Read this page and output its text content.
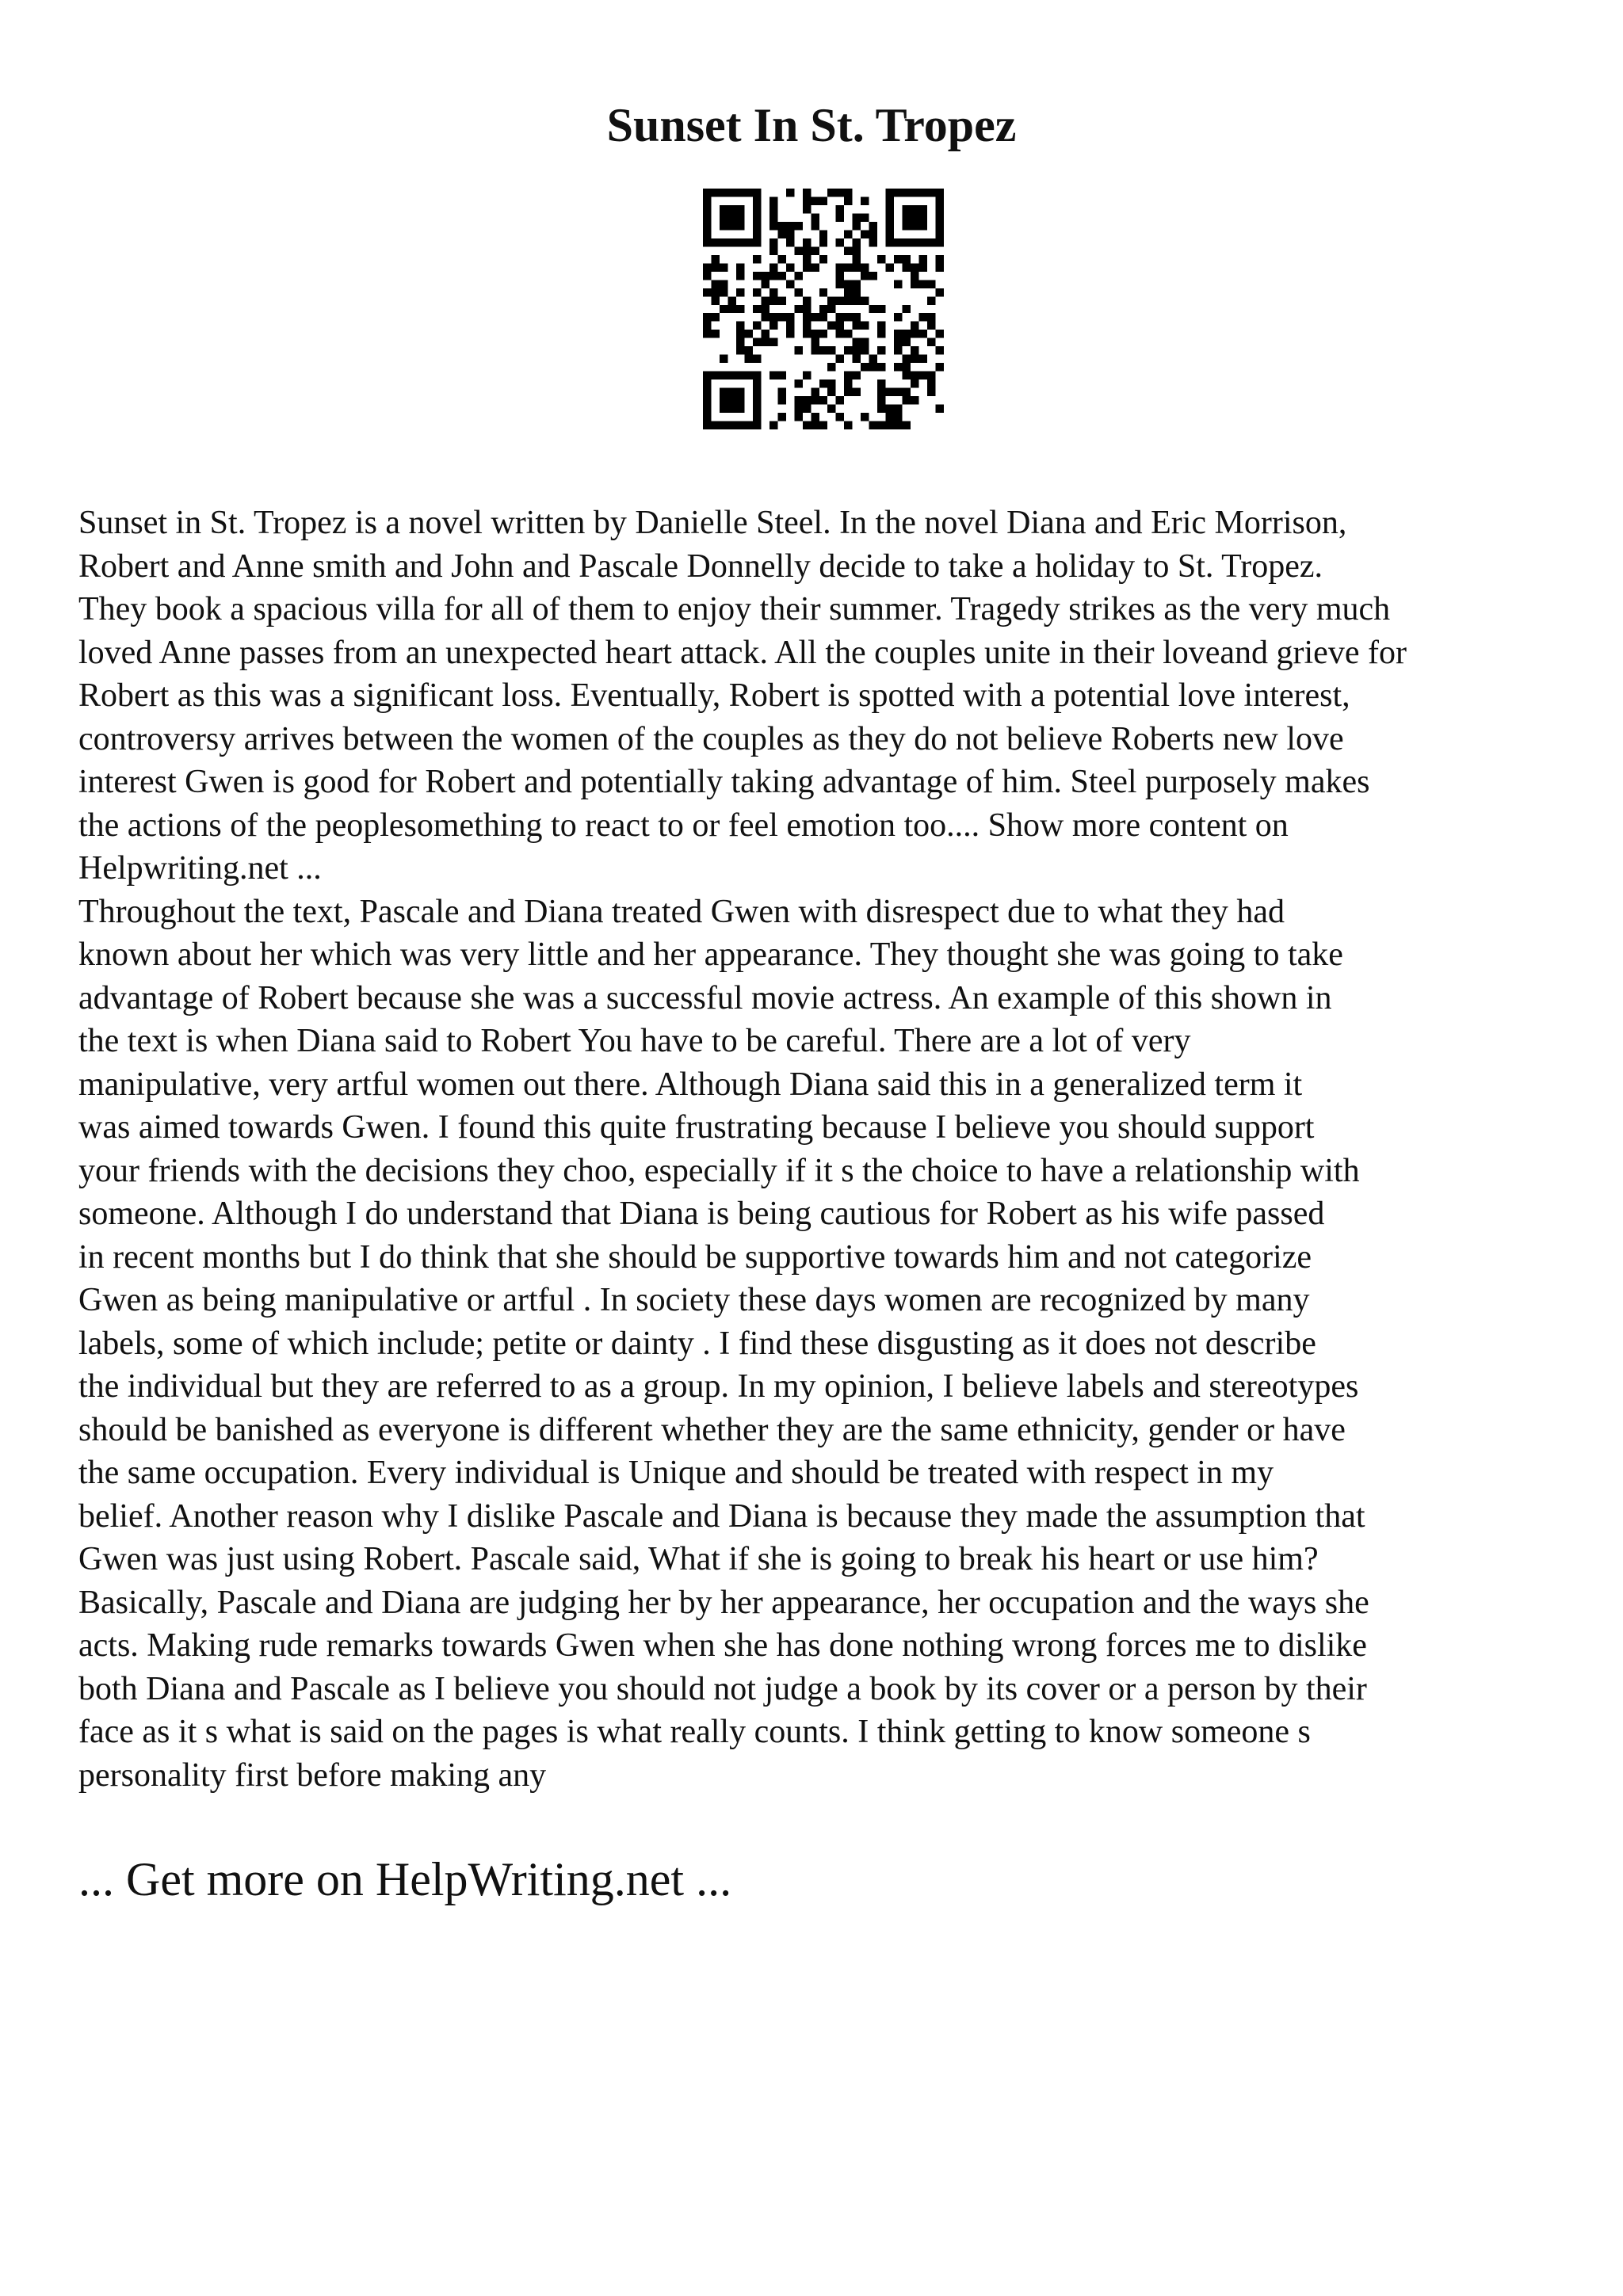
Sunset In St. Tropez

Sunset in St. Tropez is a novel written by Danielle Steel. In the novel Diana and Eric Morrison,
Robert and Anne smith and John and Pascale Donnelly decide to take a holiday to St. Tropez.
They book a spacious villa for all of them to enjoy their summer. Tragedy strikes as the very much
loved Anne passes from an unexpected heart attack. All the couples unite in their loveand grieve for
Robert as this was a significant loss. Eventually, Robert is spotted with a potential love interest,
controversy arrives between the women of the couples as they do not believe Roberts new love
interest Gwen is good for Robert and potentially taking advantage of him. Steel purposely makes
the actions of the peoplesomething to react to or feel emotion too.... Show more content on
Helpwriting.net ...

Throughout the text, Pascale and Diana treated Gwen with disrespect due to what they had
known about her which was very little and her appearance. They thought she was going to take
advantage of Robert because she was a successful movie actress. An example of this shown in
the text is when Diana said to Robert You have to be careful. There are a lot of very
manipulative, very artful women out there. Although Diana said this in a generalized term it
was aimed towards Gwen. I found this quite frustrating because I believe you should support
your friends with the decisions they choo, especially if it s the choice to have a relationship with
someone. Although I do understand that Diana is being cautious for Robert as his wife passed
in recent months but I do think that she should be supportive towards him and not categorize
Gwen as being manipulative or artful . In society these days women are recognized by many
labels, some of which include; petite or dainty . I find these disgusting as it does not describe
the individual but they are referred to as a group. In my opinion, I believe labels and stereotypes
should be banished as everyone is different whether they are the same ethnicity, gender or have
the same occupation. Every individual is Unique and should be treated with respect in my
belief. Another reason why I dislike Pascale and Diana is because they made the assumption that
Gwen was just using Robert. Pascale said, What if she is going to break his heart or use him?
Basically, Pascale and Diana are judging her by her appearance, her occupation and the ways she
acts. Making rude remarks towards Gwen when she has done nothing wrong forces me to dislike
both Diana and Pascale as I believe you should not judge a book by its cover or a person by their
face as it s what is said on the pages is what really counts. I think getting to know someone s
personality first before making any

... Get more on HelpWriting.net ...
